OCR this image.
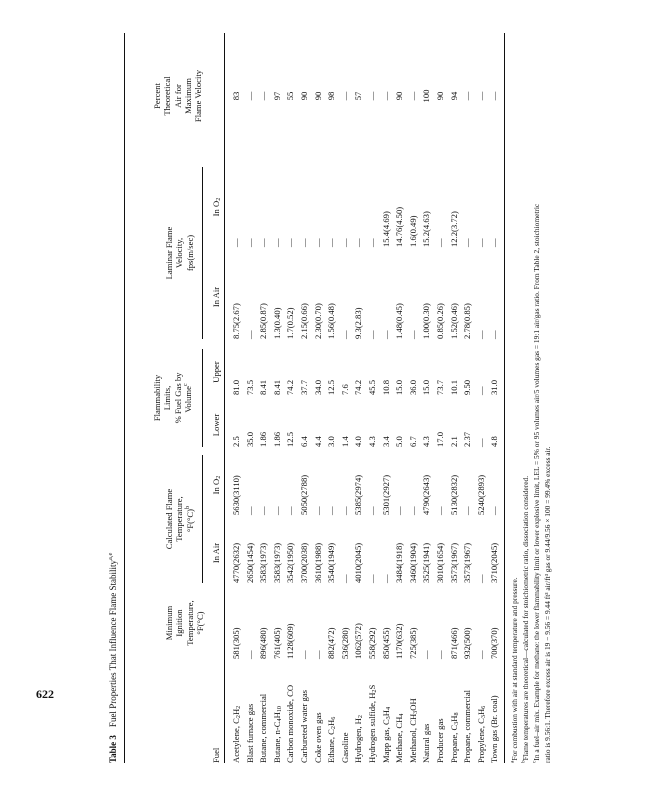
622
Table 3Fuel Properties That Influence Flame Stability$^{a,e}$
Fuel
Minimum Ignition Temperature, °F(°C)
Calculated Flame Temperature, $^\circ F(^\circ C)^b$
In Air
In $O_2$
Flammability Limits, % Fuel Gas by Volume$^c$
Lower
Upper
Laminar Flame Velocity, fps(m/sec)
In Air
In $O_2$
Percent Theoretical Air for Maximum Flame Velocity
Acetylene, $C_2H_2$
581(305)
4770(2632)
5630(3110)
2.5
81.0
8.75(2.67)
—
83
Blast furnace gas
—
2650(1454)
—
35.0
73.5
—
—
—
Butane, commercial
896(480)
3583(1973)
—
1.86
8.41
2.85(0.87)
—
—
Butane, $n-C_4H_{10}$
761(405)
3583(1973)
—
1.86
8.41
1.3(0.40)
—
97
Carbon monoxide, CO
1128(609)
3542(1950)
—
12.5
74.2
1.7(0.52)
—
55
Carbureted water gas
—
3700(2038)
5050(2788)
6.4
37.7
2.15(0.66)
—
90
Coke oven gas
—
3610(1988)
—
4.4
34.0
2.30(0.70)
—
90
Ethane, $C_2H_6$
882(472)
3540(1949)
—
3.0
12.5
1.56(0.48)
—
98
Gasoline
536(280)
—
—
1.4
7.6
—
—
—
Hydrogen, $H_2$
1062(572)
4010(2045)
5385(2974)
4.0
74.2
9.3(2.83)
—
57
Hydrogen sulfide, $H_2S$
558(292)
—
—
4.3
45.5
—
—
—
Mapp gas, $C_3H_4$
850(455)
—
5301(2927)
3.4
10.8
—
15.4(4.69)
—
Methane, $CH_4$
1170(632)
3484(1918)
—
5.0
15.0
1.48(0.45)
14.76(4.50)
90
Methanol, $CH_3OH$
725(385)
3460(1904)
—
6.7
36.0
—
1.6(0.49)
—
Natural gas
—
3525(1941)
4790(2643)
4.3
15.0
1.00(0.30)
15.2(4.63)
100
Producer gas
—
3010(1654)
—
17.0
73.7
0.85(0.26)
—
90
Propane, $C_3H_8$
871(466)
3573(1967)
5130(2832)
2.1
10.1
1.52(0.46)
12.2(3.72)
94
Propane, commercial
932(500)
3573(1967)
—
2.37
9.50
2.78(0.85)
—
—
Propylene, $C_3H_6$
—
—
5240(2893)
—
—
—
—
—
Town gas (Br. coal)
700(370)
3710(2045)
—
4.8
31.0
—
—
—
$^a$For combustion with air at standard temperature and pressure.
$^b$Flame temperatures are theoretical—calculated for stoichiometric ratio, dissociation considered.
$^c$In a fuel–air mix. Example for methane: the lower flammability limit or lower explosive limit, LEL = 5% or 95 volumes air/5 volumes gas = 19:1 air/gas ratio. From Table 2, stoichiometric ratio is 9.56:1. Therefore excess air is 19 − 9.56 = 9.44 ft³ air/ft³ gas or 9.44/9.56 × 100 = 99.4% excess air.
